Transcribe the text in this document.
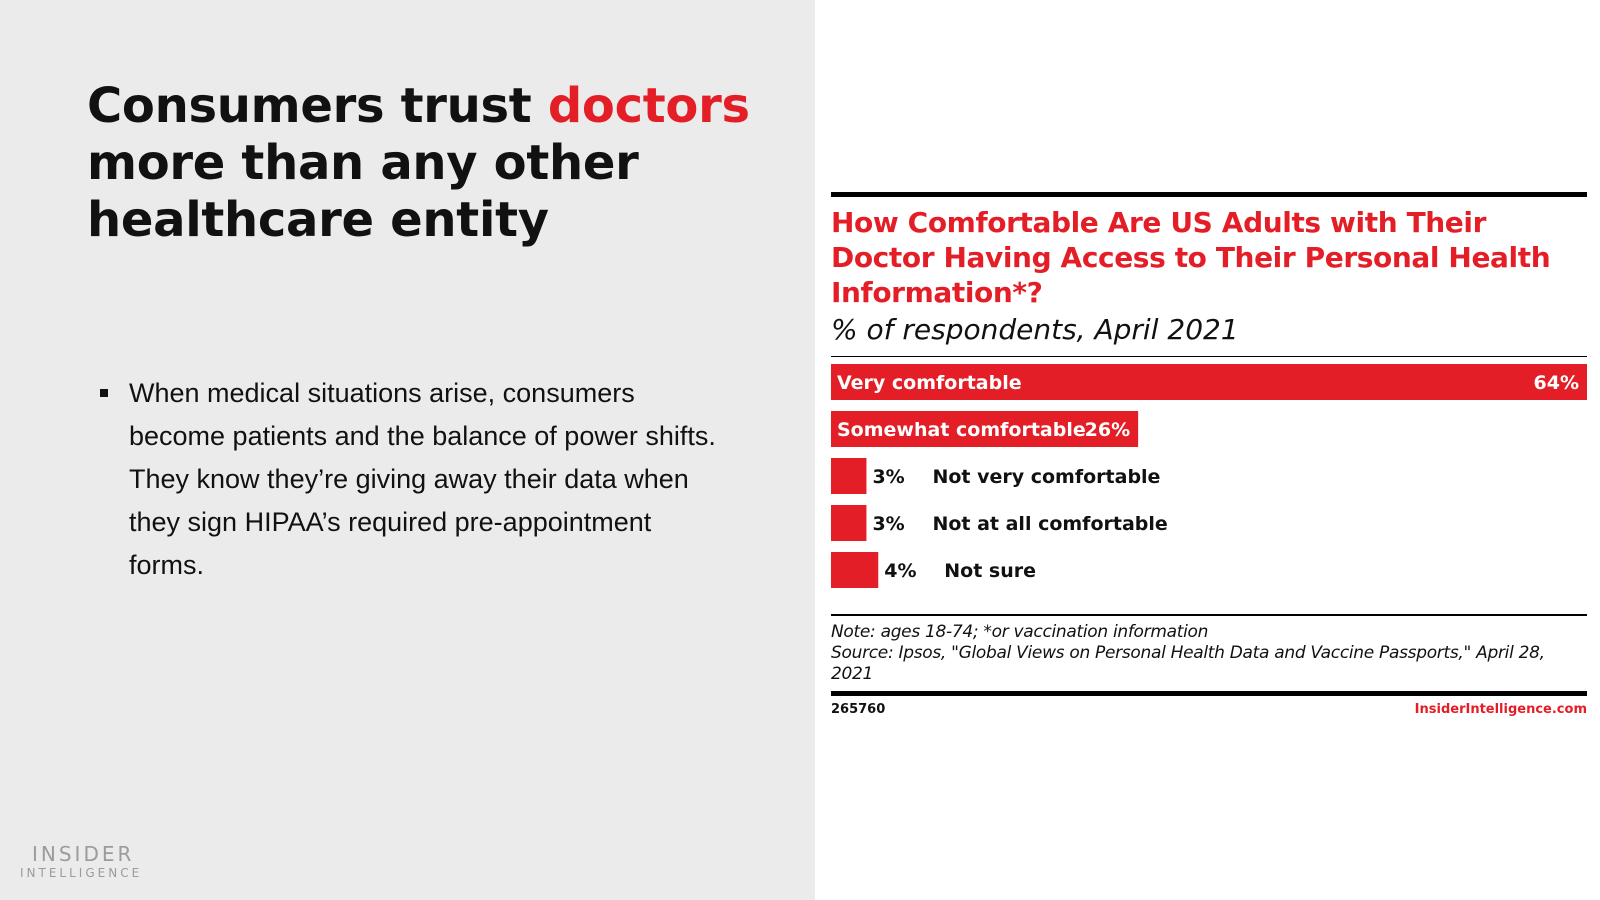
Consumers trust doctors more than any other healthcare entity
When medical situations arise, consumers become patients and the balance of power shifts. They know they’re giving away their data when they sign HIPAA’s required pre-appointment forms.
INSIDER
INTELLIGENCE
How Comfortable Are US Adults with Their Doctor Having Access to Their Personal Health Information*?
% of respondents, April 2021
Very comfortable	64%
Somewhat comfortable
26%
Not very comfortable
3%
Not at all comfortable
3%
Not sure
4%
Note: ages 18-74; *or vaccination information
Source: Ipsos, "Global Views on Personal Health Data and Vaccine Passports," April 28, 2021
265760	InsiderIntelligence.com
